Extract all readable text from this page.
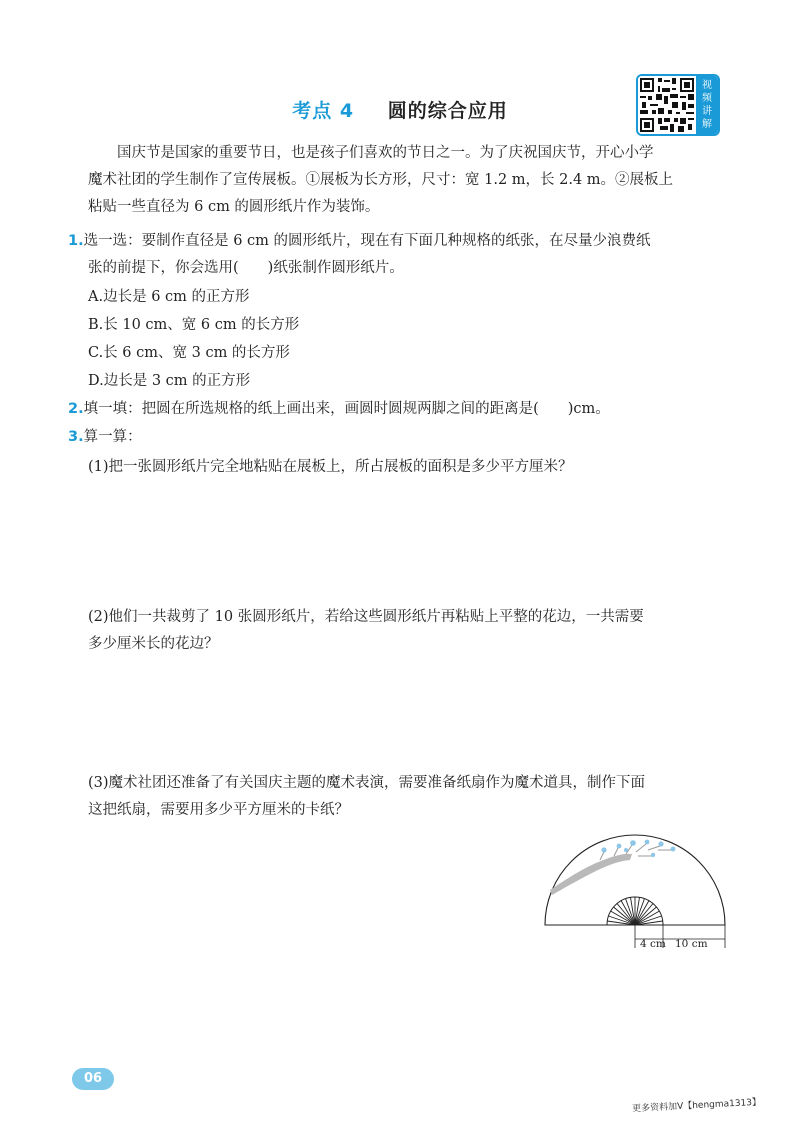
考点 4 圆的综合应用
视
频
讲
解
国庆节是国家的重要节日，也是孩子们喜欢的节日之一。为了庆祝国庆节，开心小学
魔术社团的学生制作了宣传展板。①展板为长方形，尺寸：宽 1.2 m，长 2.4 m。②展板上
粘贴一些直径为 6 cm 的圆形纸片作为装饰。
1.选一选：要制作直径是 6 cm 的圆形纸片，现在有下面几种规格的纸张，在尽量少浪费纸
张的前提下，你会选用(　　)纸张制作圆形纸片。
A.边长是 6 cm 的正方形
B.长 10 cm、宽 6 cm 的长方形
C.长 6 cm、宽 3 cm 的长方形
D.边长是 3 cm 的正方形
2.填一填：把圆在所选规格的纸上画出来，画圆时圆规两脚之间的距离是(　　)cm。
3.算一算：
(1)把一张圆形纸片完全地粘贴在展板上，所占展板的面积是多少平方厘米？
(2)他们一共裁剪了 10 张圆形纸片，若给这些圆形纸片再粘贴上平整的花边，一共需要
多少厘米长的花边？
(3)魔术社团还准备了有关国庆主题的魔术表演，需要准备纸扇作为魔术道具，制作下面
这把纸扇，需要用多少平方厘米的卡纸？
4 cm 10 cm
06
更多资料加V【hengma1313】
